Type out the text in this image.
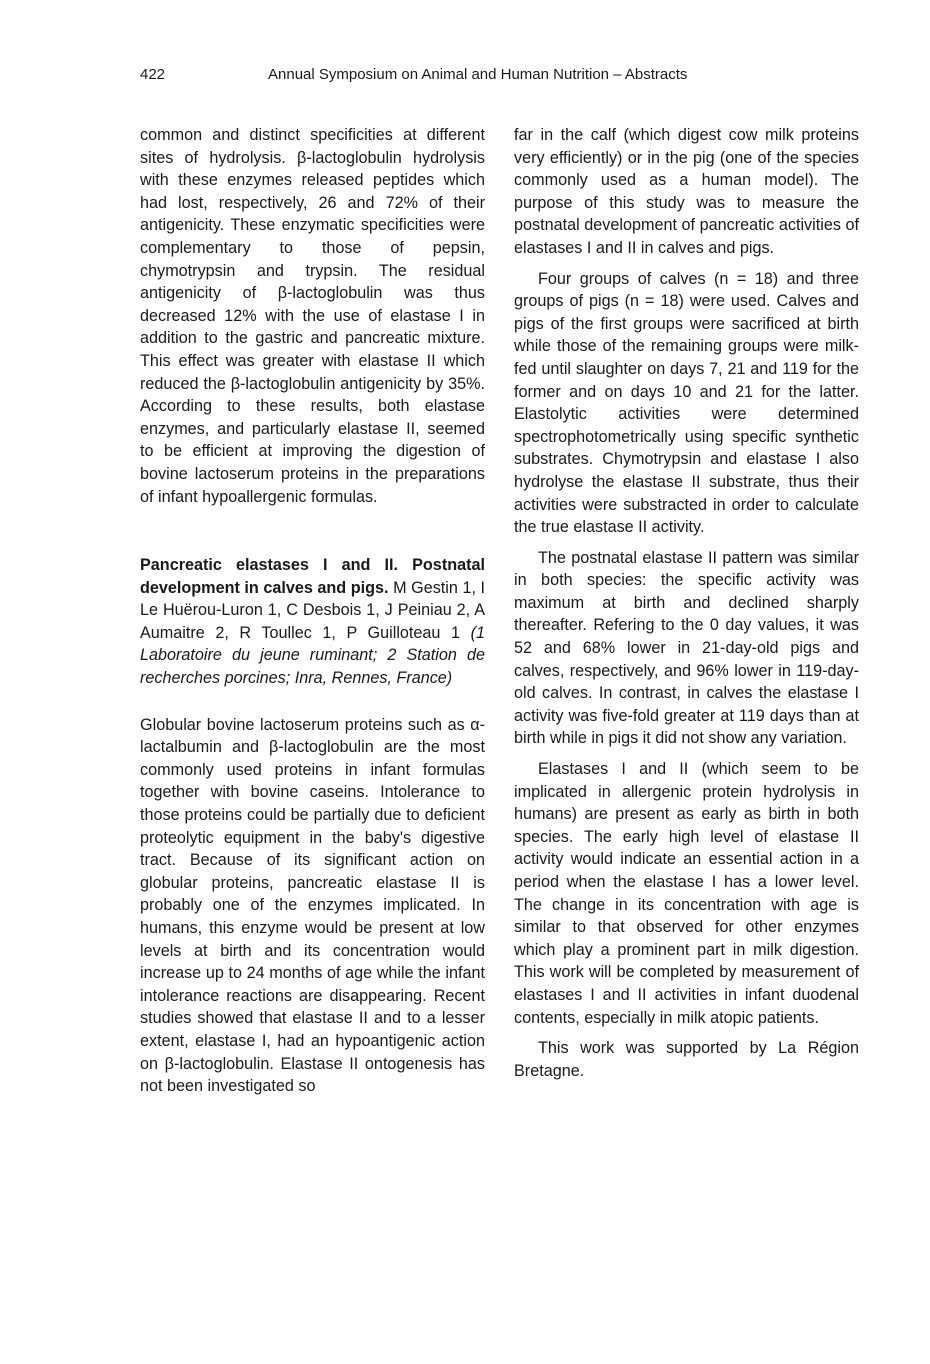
422	Annual Symposium on Animal and Human Nutrition – Abstracts

common and distinct specificities at different sites of hydrolysis. β-lactoglobulin hydrolysis with these enzymes released peptides which had lost, respectively, 26 and 72% of their antigenicity. These enzymatic specificities were complementary to those of pepsin, chymotrypsin and trypsin. The residual antigenicity of β-lactoglobulin was thus decreased 12% with the use of elastase I in addition to the gastric and pancreatic mixture. This effect was greater with elastase II which reduced the β-lactoglobulin antigenicity by 35%. According to these results, both elastase enzymes, and particularly elastase II, seemed to be efficient at improving the digestion of bovine lactoserum proteins in the preparations of infant hypoallergenic formulas.

Pancreatic elastases I and II. Postnatal development in calves and pigs. M Gestin 1, I Le Huërou-Luron 1, C Desbois 1, J Peiniau 2, A Aumaitre 2, R Toullec 1, P Guilloteau 1 (1 Laboratoire du jeune ruminant; 2 Station de recherches porcines; Inra, Rennes, France)

Globular bovine lactoserum proteins such as α-lactalbumin and β-lactoglobulin are the most commonly used proteins in infant formulas together with bovine caseins. Intolerance to those proteins could be partially due to deficient proteolytic equipment in the baby's digestive tract. Because of its significant action on globular proteins, pancreatic elastase II is probably one of the enzymes implicated. In humans, this enzyme would be present at low levels at birth and its concentration would increase up to 24 months of age while the infant intolerance reactions are disappearing. Recent studies showed that elastase II and to a lesser extent, elastase I, had an hypoantigenic action on β-lactoglobulin. Elastase II ontogenesis has not been investigated so

far in the calf (which digest cow milk proteins very efficiently) or in the pig (one of the species commonly used as a human model). The purpose of this study was to measure the postnatal development of pancreatic activities of elastases I and II in calves and pigs.

Four groups of calves (n = 18) and three groups of pigs (n = 18) were used. Calves and pigs of the first groups were sacrificed at birth while those of the remaining groups were milk-fed until slaughter on days 7, 21 and 119 for the former and on days 10 and 21 for the latter. Elastolytic activities were determined spectrophotometrically using specific synthetic substrates. Chymotrypsin and elastase I also hydrolyse the elastase II substrate, thus their activities were substracted in order to calculate the true elastase II activity.

The postnatal elastase II pattern was similar in both species: the specific activity was maximum at birth and declined sharply thereafter. Refering to the 0 day values, it was 52 and 68% lower in 21-day-old pigs and calves, respectively, and 96% lower in 119-day-old calves. In contrast, in calves the elastase I activity was five-fold greater at 119 days than at birth while in pigs it did not show any variation.

Elastases I and II (which seem to be implicated in allergenic protein hydrolysis in humans) are present as early as birth in both species. The early high level of elastase II activity would indicate an essential action in a period when the elastase I has a lower level. The change in its concentration with age is similar to that observed for other enzymes which play a prominent part in milk digestion. This work will be completed by measurement of elastases I and II activities in infant duodenal contents, especially in milk atopic patients.

This work was supported by La Région Bretagne.
